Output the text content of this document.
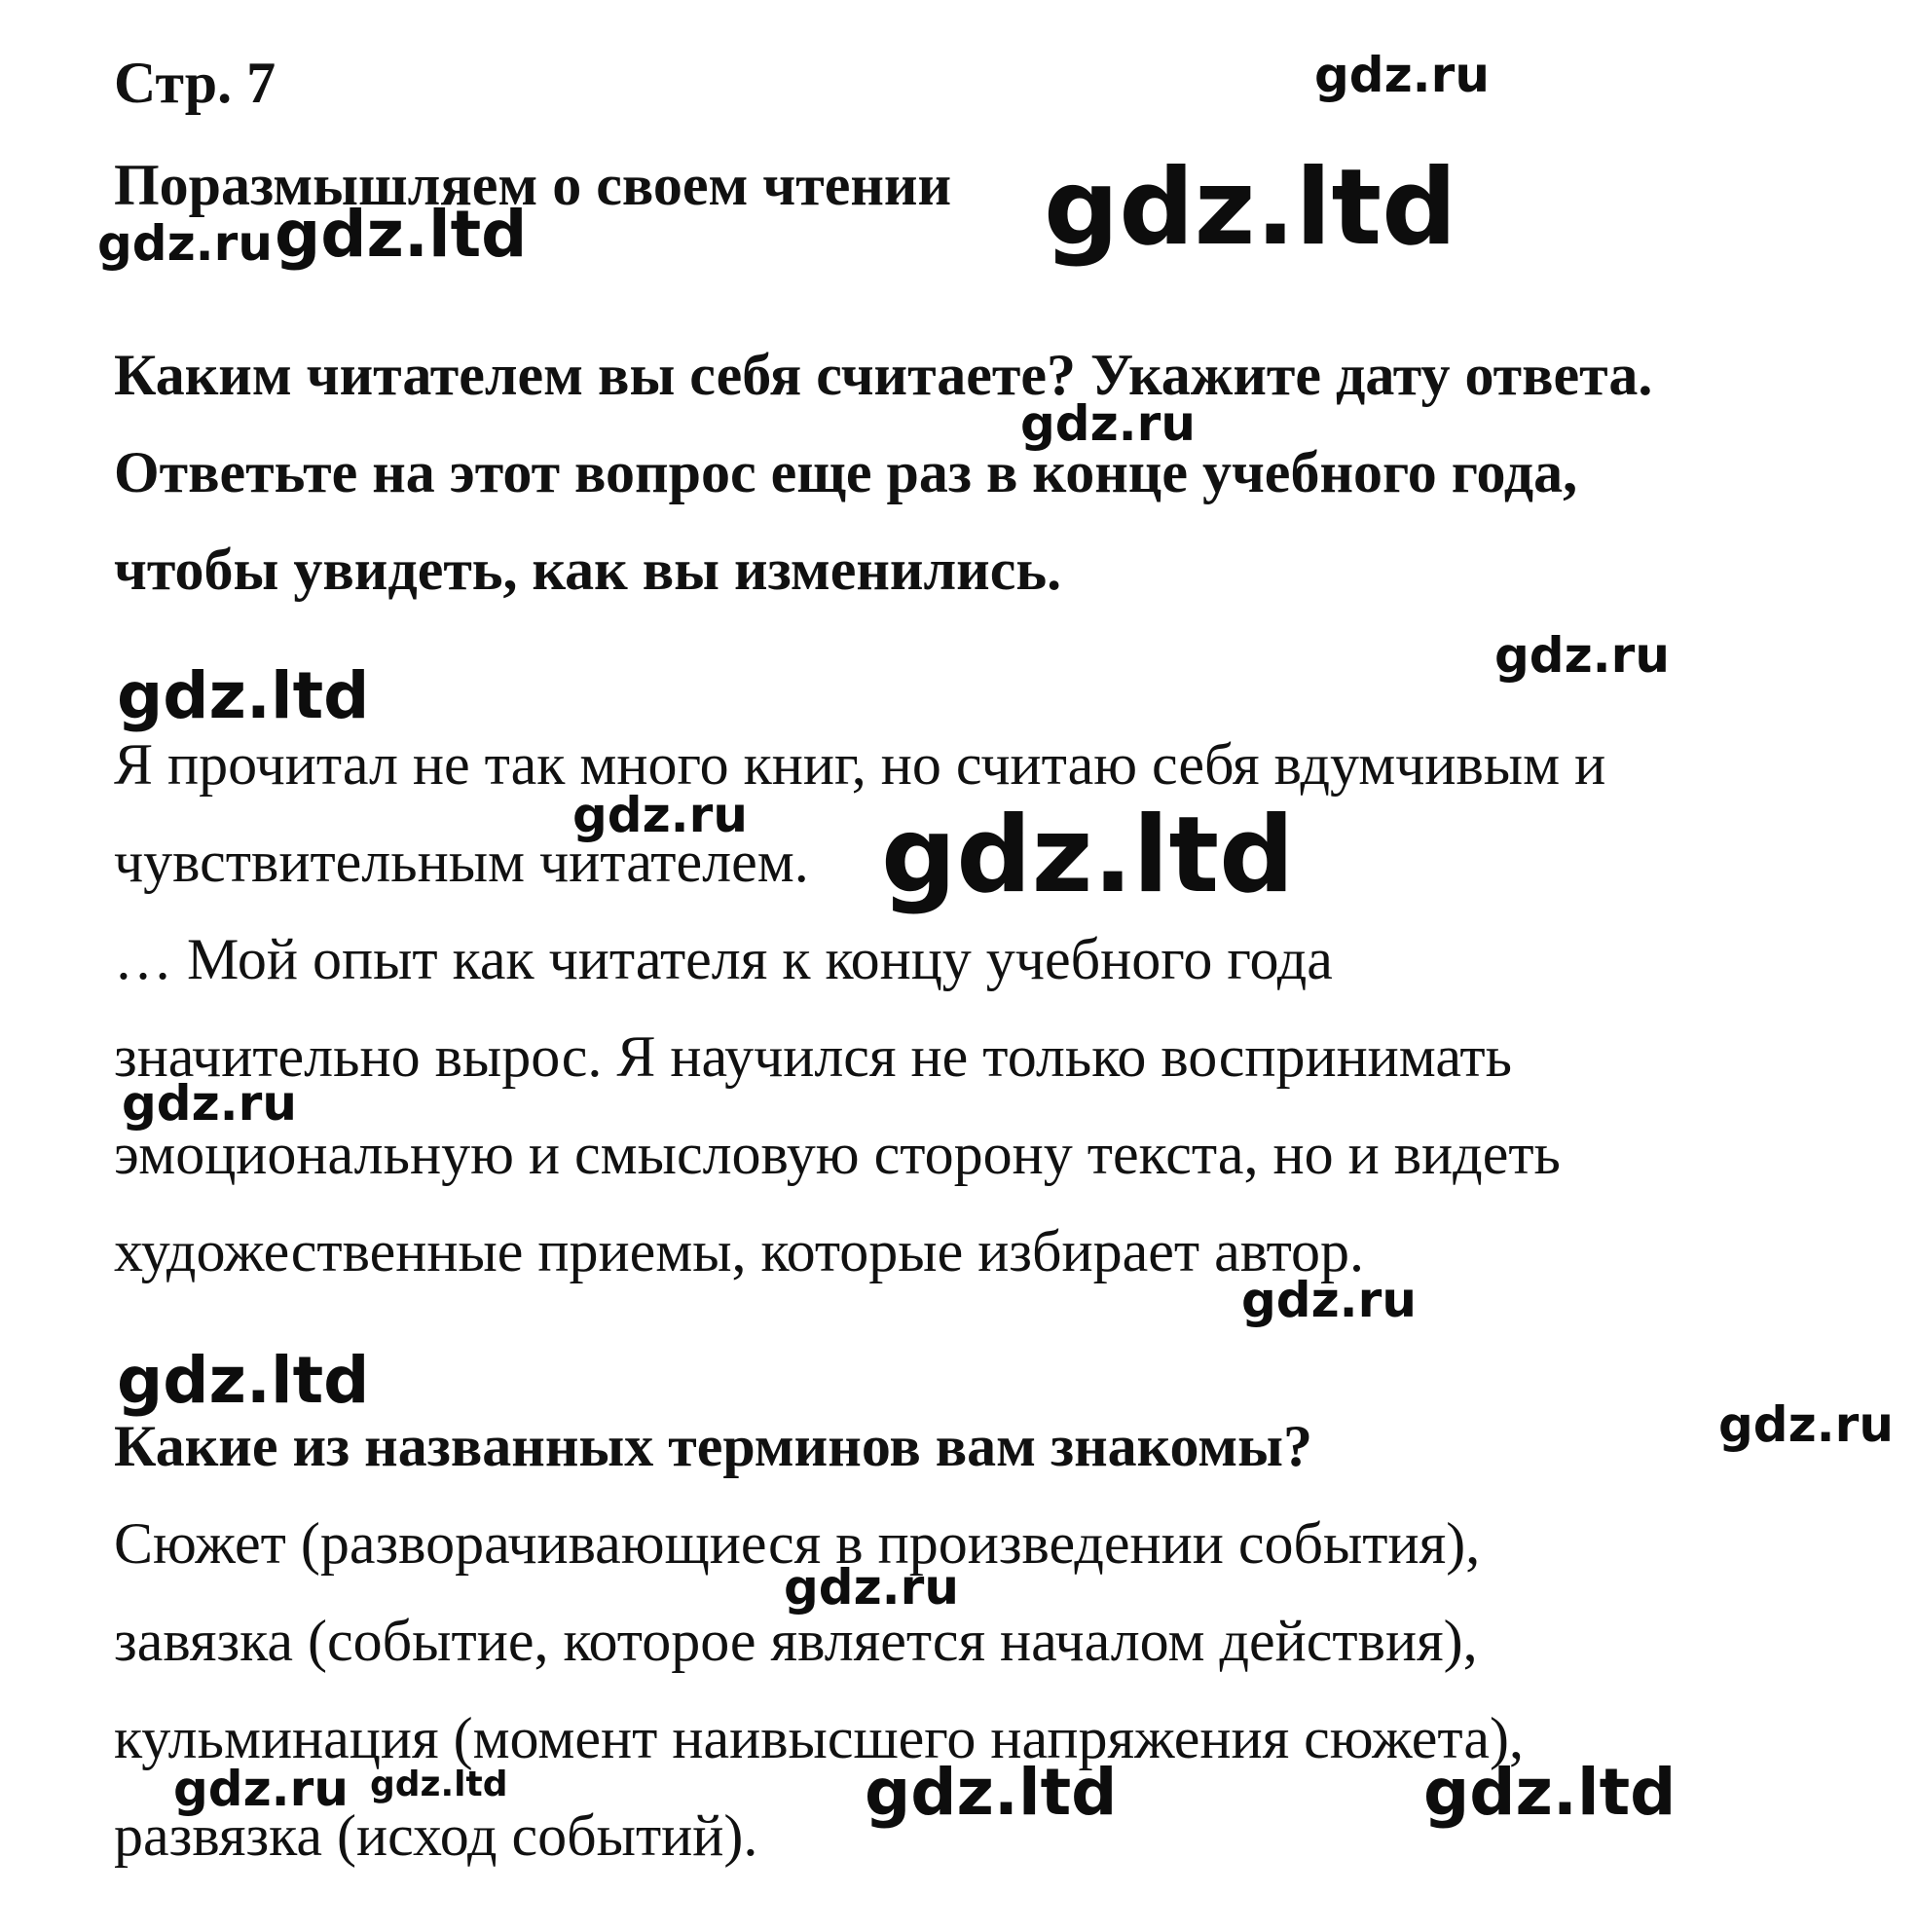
Стр. 7
Поразмышляем о своем чтении
Каким читателем вы себя считаете? Укажите дату ответа.
Ответьте на этот вопрос еще раз в конце учебного года,
чтобы увидеть, как вы изменились.
Я прочитал не так много книг, но считаю себя вдумчивым и
чувствительным читателем.
… Мой опыт как читателя к концу учебного года
значительно вырос. Я научился не только воспринимать
эмоциональную и смысловую сторону текста, но и видеть
художественные приемы, которые избирает автор.
Какие из названных терминов вам знакомы?
Сюжет (разворачивающиеся в произведении события),
завязка (событие, которое является началом действия),
кульминация (момент наивысшего напряжения сюжета),
развязка (исход событий).
gdz.ru
gdz.ltd
gdz.ru gdz.ltd
gdz.ru
gdz.ru
gdz.ltd
gdz.ru gdz.ltd
gdz.ru
gdz.ru
gdz.ltd
gdz.ru
gdz.ru
gdz.ru gdz.ltd	gdz.ltd	gdz.ltd
